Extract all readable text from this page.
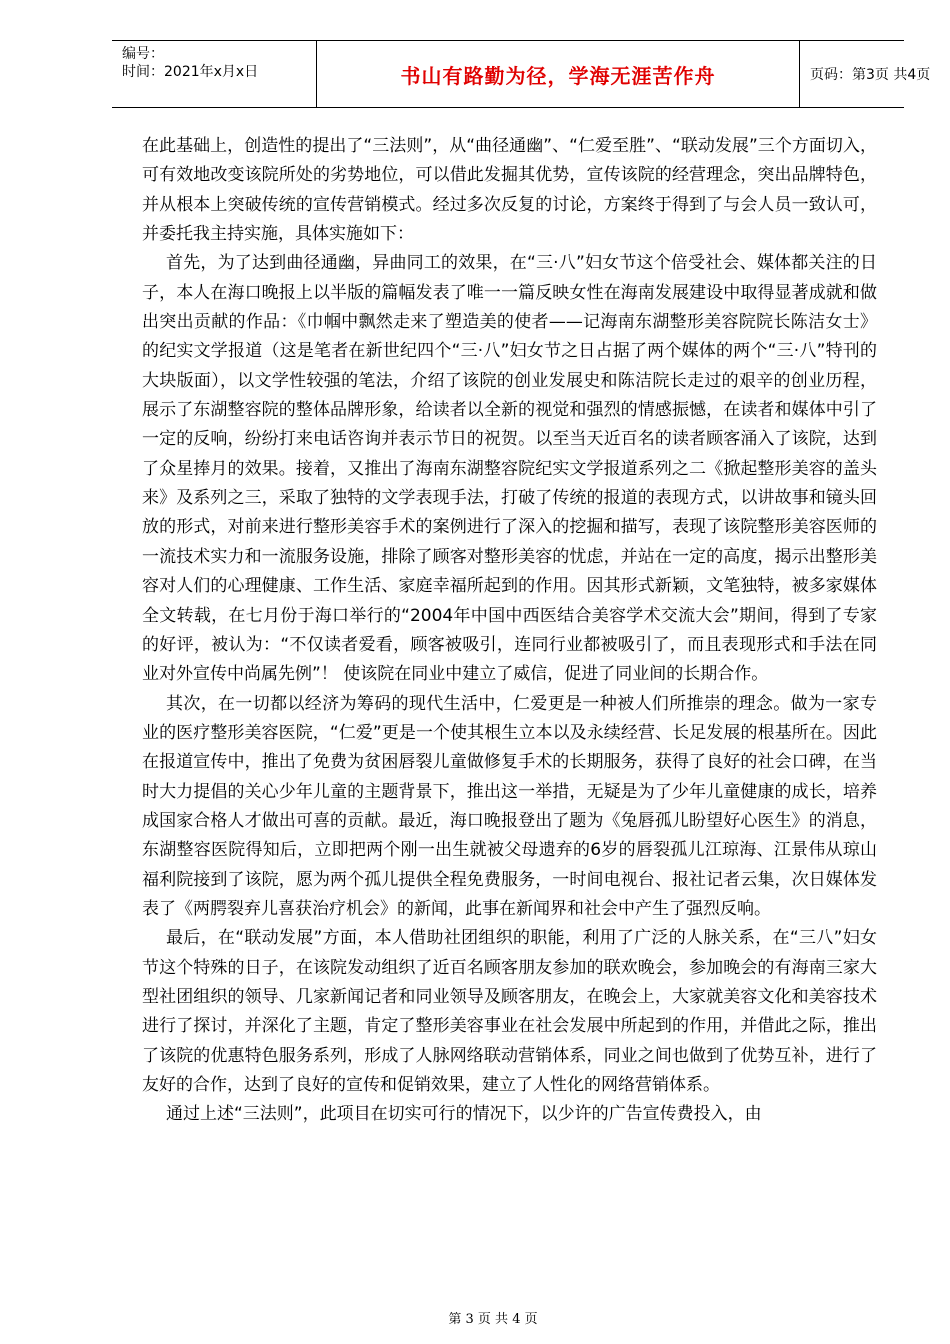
编号：
时间：2021年x月x日	书山有路勤为径，学海无涯苦作舟	页码：第3页 共4页

在此基础上，创造性的提出了“三法则”，从“曲径通幽”、“仁爱至胜”、“联动发展”三个方面切入，可有效地改变该院所处的劣势地位，可以借此发掘其优势，宣传该院的经营理念，突出品牌特色，并从根本上突破传统的宣传营销模式。经过多次反复的讨论，方案终于得到了与会人员一致认可，并委托我主持实施，具体实施如下：

首先，为了达到曲径通幽，异曲同工的效果，在“三·八”妇女节这个倍受社会、媒体都关注的日子，本人在海口晚报上以半版的篇幅发表了唯一一篇反映女性在海南发展建设中取得显著成就和做出突出贡献的作品：《巾帼中飘然走来了塑造美的使者——记海南东湖整形美容院院长陈洁女士》的纪实文学报道（这是笔者在新世纪四个“三·八”妇女节之日占据了两个媒体的两个“三·八”特刊的大块版面），以文学性较强的笔法，介绍了该院的创业发展史和陈洁院长走过的艰辛的创业历程，展示了东湖整容院的整体品牌形象，给读者以全新的视觉和强烈的情感振憾，在读者和媒体中引了一定的反响，纷纷打来电话咨询并表示节日的祝贺。以至当天近百名的读者顾客涌入了该院，达到了众星捧月的效果。接着，又推出了海南东湖整容院纪实文学报道系列之二《掀起整形美容的盖头来》及系列之三，采取了独特的文学表现手法，打破了传统的报道的表现方式，以讲故事和镜头回放的形式，对前来进行整形美容手术的案例进行了深入的挖掘和描写，表现了该院整形美容医师的一流技术实力和一流服务设施，排除了顾客对整形美容的忧虑，并站在一定的高度，揭示出整形美容对人们的心理健康、工作生活、家庭幸福所起到的作用。因其形式新颖，文笔独特，被多家媒体全文转载，在七月份于海口举行的“2004年中国中西医结合美容学术交流大会”期间，得到了专家的好评，被认为：“不仅读者爱看，顾客被吸引，连同行业都被吸引了，而且表现形式和手法在同业对外宣传中尚属先例”！ 使该院在同业中建立了威信，促进了同业间的长期合作。

其次，在一切都以经济为筹码的现代生活中，仁爱更是一种被人们所推崇的理念。做为一家专业的医疗整形美容医院，“仁爱”更是一个使其根生立本以及永续经营、长足发展的根基所在。因此在报道宣传中，推出了免费为贫困唇裂儿童做修复手术的长期服务，获得了良好的社会口碑，在当时大力提倡的关心少年儿童的主题背景下，推出这一举措，无疑是为了少年儿童健康的成长，培养成国家合格人才做出可喜的贡献。最近，海口晚报登出了题为《兔唇孤儿盼望好心医生》的消息，东湖整容医院得知后，立即把两个刚一出生就被父母遗弃的6岁的唇裂孤儿江琼海、江景伟从琼山福利院接到了该院，愿为两个孤儿提供全程免费服务，一时间电视台、报社记者云集，次日媒体发表了《两腭裂弃儿喜获治疗机会》的新闻，此事在新闻界和社会中产生了强烈反响。

最后，在“联动发展”方面，本人借助社团组织的职能，利用了广泛的人脉关系，在“三八”妇女节这个特殊的日子，在该院发动组织了近百名顾客朋友参加的联欢晚会，参加晚会的有海南三家大型社团组织的领导、几家新闻记者和同业领导及顾客朋友，在晚会上，大家就美容文化和美容技术进行了探讨，并深化了主题，肯定了整形美容事业在社会发展中所起到的作用，并借此之际，推出了该院的优惠特色服务系列，形成了人脉网络联动营销体系，同业之间也做到了优势互补，进行了友好的合作，达到了良好的宣传和促销效果，建立了人性化的网络营销体系。

通过上述“三法则”，此项目在切实可行的情况下，以少许的广告宣传费投入，由

第 3 页 共 4 页
